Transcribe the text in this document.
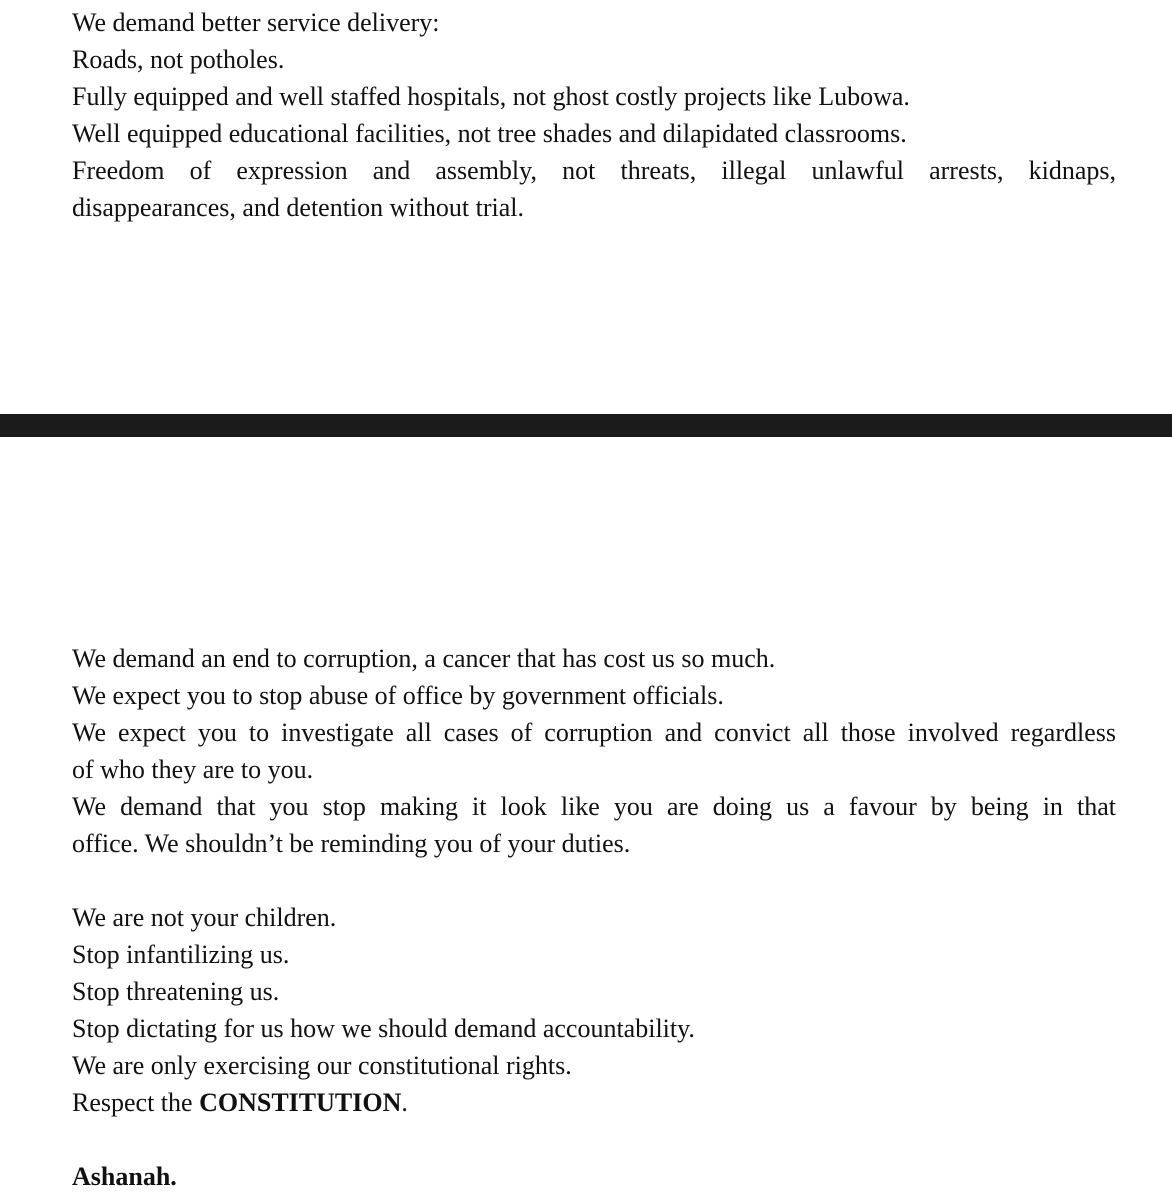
We demand better service delivery:
Roads, not potholes.
Fully equipped and well staffed hospitals, not ghost costly projects like Lubowa.
Well equipped educational facilities, not tree shades and dilapidated classrooms.
Freedom of expression and assembly, not threats, illegal unlawful arrests, kidnaps,
disappearances, and detention without trial.
We demand an end to corruption, a cancer that has cost us so much.
We expect you to stop abuse of office by government officials.
We expect you to investigate all cases of corruption and convict all those involved regardless
of who they are to you.
We demand that you stop making it look like you are doing us a favour by being in that
office. We shouldn’t be reminding you of your duties.
We are not your children.
Stop infantilizing us.
Stop threatening us.
Stop dictating for us how we should demand accountability.
We are only exercising our constitutional rights.
Respect the CONSTITUTION.
Ashanah.
